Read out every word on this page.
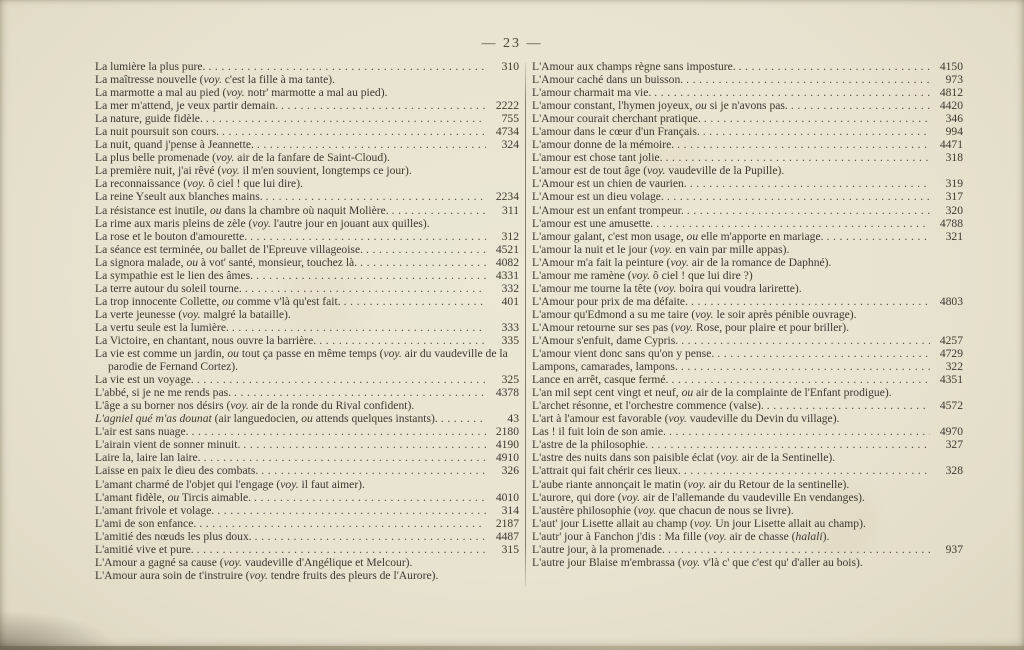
— 23 —
La lumière la plus pure. .....	310
La maîtresse nouvelle (voy. c'est la fille à ma tante).
La marmotte a mal au pied (voy. notr' marmotte a mal au pied).
La mer m'attend, je veux partir demain. .....	2222
La nature, guide fidèle. .....	755
La nuit poursuit son cours. .....	4734
La nuit, quand j'pense à Jeannette. .....	324
La plus belle promenade (voy. air de la fanfare de Saint-Cloud).
La première nuit, j'ai rêvé (voy. il m'en souvient, longtemps ce jour).
La reconnaissance (voy. ô ciel ! que lui dire).
La reine Yseult aux blanches mains. .....	2234
La résistance est inutile, ou dans la chambre où naquit Molière. .....	311
La rime aux maris pleins de zèle (voy. l'autre jour en jouant aux quilles).
La rose et le bouton d'amourette. .....	312
La séance est terminée, ou ballet de l'Epreuve villageoise. .....	4521
La signora malade, ou à vot' santé, monsieur, touchez là. .....	4082
La sympathie est le lien des âmes. .....	4331
La terre autour du soleil tourne. .....	332
La trop innocente Collette, ou comme v'là qu'est fait. .....	401
La verte jeunesse (voy. malgré la bataille).
La vertu seule est la lumière. .....	333
La Victoire, en chantant, nous ouvre la barrière. .....	335
La vie est comme un jardin, ou tout ça passe en même temps (voy. air du vaudeville de la parodie de Fernand Cortez).
La vie est un voyage. .....	325
L'abbé, si je ne me rends pas. .....	4378
L'âge a su borner nos désirs (voy. air de la ronde du Rival confident).
L'agniel qué m'as dounat (air languedocien, ou attends quelques instants). .....	43
L'air est sans nuage. .....	2180
L'airain vient de sonner minuit. .....	4190
Laire la, laire lan laire. .....	4910
Laisse en paix le dieu des combats. .....	326
L'amant charmé de l'objet qui l'engage (voy. il faut aimer).
L'amant fidèle, ou Tircis aimable. .....	4010
L'amant frivole et volage. .....	314
L'ami de son enfance. .....	2187
L'amitié des nœuds les plus doux. .....	4487
L'amitié vive et pure. .....	315
L'Amour a gagné sa cause (voy. vaudeville d'Angélique et Melcour).
L'Amour aura soin de t'instruire (voy. tendre fruits des pleurs de l'Aurore).
L'Amour aux champs règne sans imposture. .....	4150
L'Amour caché dans un buisson. .....	973
L'amour charmait ma vie. .....	4812
L'amour constant, l'hymen joyeux, ou si je n'avons pas. .....	4420
L'Amour courait cherchant pratique. .....	346
L'amour dans le cœur d'un Français. .....	994
L'amour donne de la mémoire. .....	4471
L'amour est chose tant jolie. .....	318
L'amour est de tout âge (voy. vaudeville de la Pupille).
L'Amour est un chien de vaurien. .....	319
L'Amour est un dieu volage. .....	317
L'Amour est un enfant trompeur. .....	320
L'amour est une amusette. .....	4788
L'amour galant, c'est mon usage, ou elle m'apporte en mariage. .....	321
L'amour la nuit et le jour (voy. en vain par mille appas).
L'Amour m'a fait la peinture (voy. air de la romance de Daphné).
L'amour me ramène (voy. ô ciel ! que lui dire ?)
L'amour me tourne la tête (voy. boira qui voudra larirette).
L'Amour pour prix de ma défaite. .....	4803
L'amour qu'Edmond a su me taire (voy. le soir après pénible ouvrage).
L'Amour retourne sur ses pas (voy. Rose, pour plaire et pour briller).
L'Amour s'enfuit, dame Cypris. .....	4257
L'amour vient donc sans qu'on y pense. .....	4729
Lampons, camarades, lampons. .....	322
Lance en arrêt, casque fermé. .....	4351
L'an mil sept cent vingt et neuf, ou air de la complainte de l'Enfant prodigue).
L'archet résonne, et l'orchestre commence (valse). .....	4572
L'art à l'amour est favorable (voy. vaudeville du Devin du village).
Las ! il fuit loin de son amie. .....	4970
L'astre de la philosophie. .....	327
L'astre des nuits dans son paisible éclat (voy. air de la Sentinelle).
L'attrait qui fait chérir ces lieux. .....	328
L'aube riante annonçait le matin (voy. air du Retour de la sentinelle).
L'aurore, qui dore (voy. air de l'allemande du vaudeville En vendanges).
L'austère philosophie (voy. que chacun de nous se livre).
L'aut' jour Lisette allait au champ (voy. Un jour Lisette allait au champ).
L'autr' jour à Fanchon j'dis : Ma fille (voy. air de chasse (halali).
L'autre jour, à la promenade. .....	937
L'autre jour Blaise m'embrassa (voy. v'là c' que c'est qu' d'aller au bois).
